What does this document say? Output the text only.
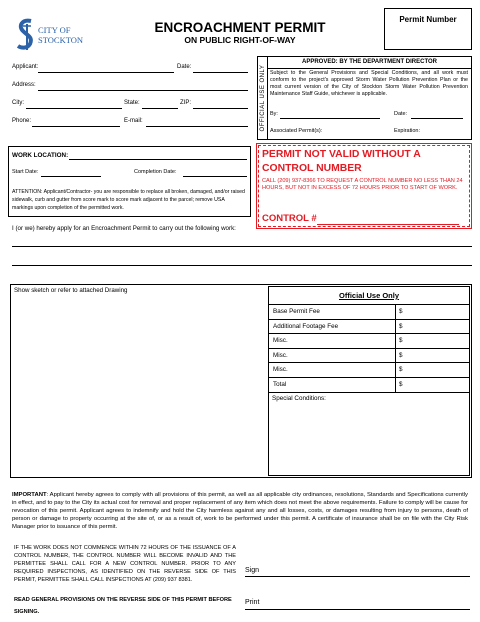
CITY OF
STOCKTON
ENCROACHMENT PERMIT
ON PUBLIC RIGHT-OF-WAY
Permit Number
Applicant:	Date:
Address:
City:	State:	ZIP:
Phone:	E-mail:	OFFICIAL USE ONLY
APPROVED: BY THE DEPARTMENT DIRECTOR
Subject to the General Provisions and Special Conditions, and all work must conform to the project's approved Storm Water Pollution Prevention Plan or the most current version of the City of Stockton Storm Water Pollution Prevention Maintenance Staff Guide, whichever is applicable.
By:	Date:
Associated Permit(s):	Expiration:
WORK LOCATION:
Start Date:	Completion Date:
ATTENTION: Applicant/Contractor- you are responsible to replace all broken, damaged, and/or raised sidewalk, curb and gutter from score mark to score mark adjacent to the parcel; remove USA markings upon completion of the permitted work.
PERMIT NOT VALID WITHOUT A CONTROL NUMBER
CALL (209) 937-8366 TO REQUEST A CONTROL NUMBER NO LESS THAN 24 HOURS, BUT NOT IN EXCESS OF 72 HOURS PRIOR TO START OF WORK.
CONTROL #
I (or we) hereby apply for an Encroachment Permit to carry out the following work:
Show sketch or refer to attached Drawing
Official Use Only
Base Permit Fee	$
Additional Footage Fee	$
Misc.	$
Misc.	$
Misc.	$
Total	$
Special Conditions:
IMPORTANT: Applicant hereby agrees to comply with all provisions of this permit, as well as all applicable city ordinances, resolutions, Standards and Specifications currently in effect, and to pay to the City its actual cost for removal and proper replacement of any item which does not meet the above requirements. Failure to comply will be cause for revocation of this permit. Applicant agrees to indemnify and hold the City harmless against any and all losses, costs, or damages resulting from injury to persons, death of person or damage to property occurring at the site of, or as a result of, work to be performed under this permit. A certificate of insurance shall be on file with the City Risk Manager prior to issuance of this permit.
IF THE WORK DOES NOT COMMENCE WITHIN 72 HOURS OF THE ISSUANCE OF A CONTROL NUMBER, THE CONTROL NUMBER WILL BECOME INVALID AND THE PERMITTEE SHALL CALL FOR A NEW CONTROL NUMBER. PRIOR TO ANY REQUIRED INSPECTIONS, AS IDENTIFIED ON THE REVERSE SIDE OF THIS PERMIT, PERMITTEE SHALL CALL INSPECTIONS AT (209) 937 8381.
READ GENERAL PROVISIONS ON THE REVERSE SIDE OF THIS PERMIT BEFORE SIGNING.
Sign
Print
